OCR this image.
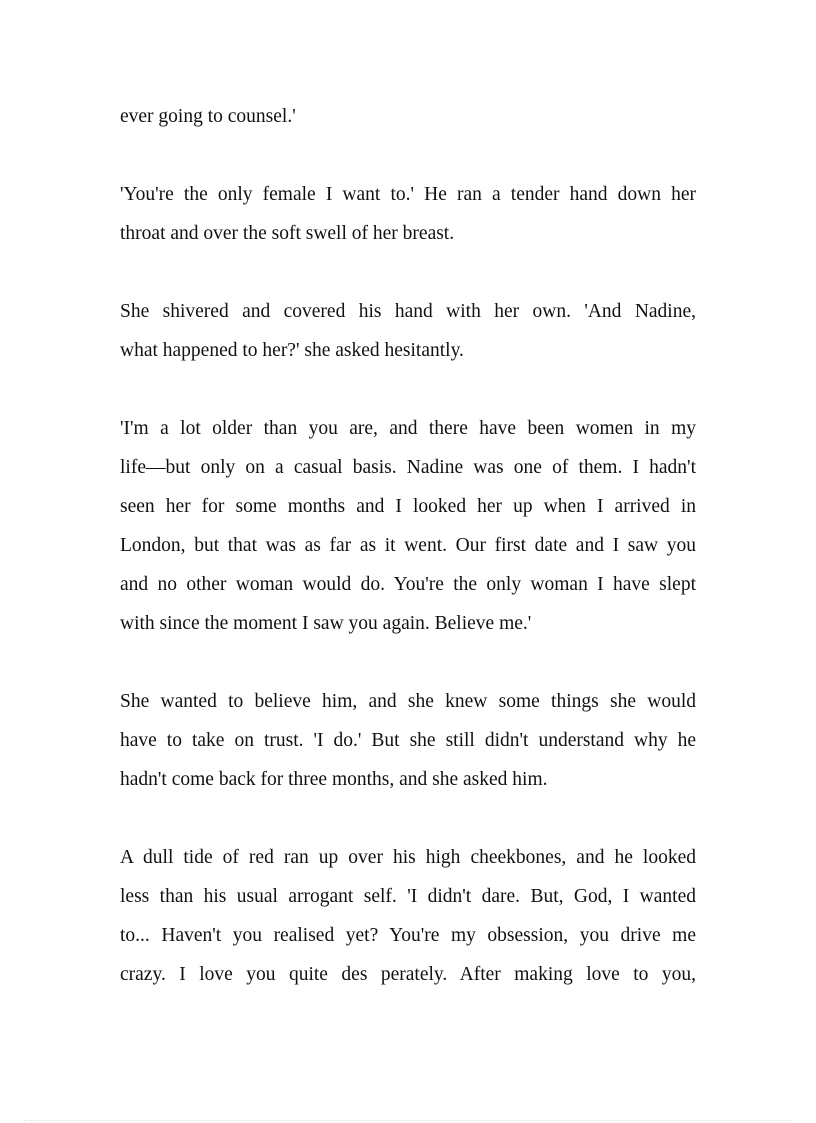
ever going to counsel.'

'You're the only female I want to.' He ran a tender hand down her
throat and over the soft swell of her breast.

She shivered and covered his hand with her own. 'And Nadine,
what happened to her?' she asked hesitantly.

'I'm a lot older than you are, and there have been women in my
life—but only on a casual basis. Nadine was one of them. I hadn't
seen her for some months and I looked her up when I arrived in
London, but that was as far as it went. Our first date and I saw you
and no other woman would do. You're the only woman I have slept
with since the moment I saw you again. Believe me.'

She wanted to believe him, and she knew some things she would
have to take on trust. 'I do.' But she still didn't understand why he
hadn't come back for three months, and she asked him.

A dull tide of red ran up over his high cheekbones, and he looked
less than his usual arrogant self. 'I didn't dare. But, God, I wanted
to... Haven't you realised yet? You're my obsession, you drive me
crazy. I love you quite des perately. After making love to you,
